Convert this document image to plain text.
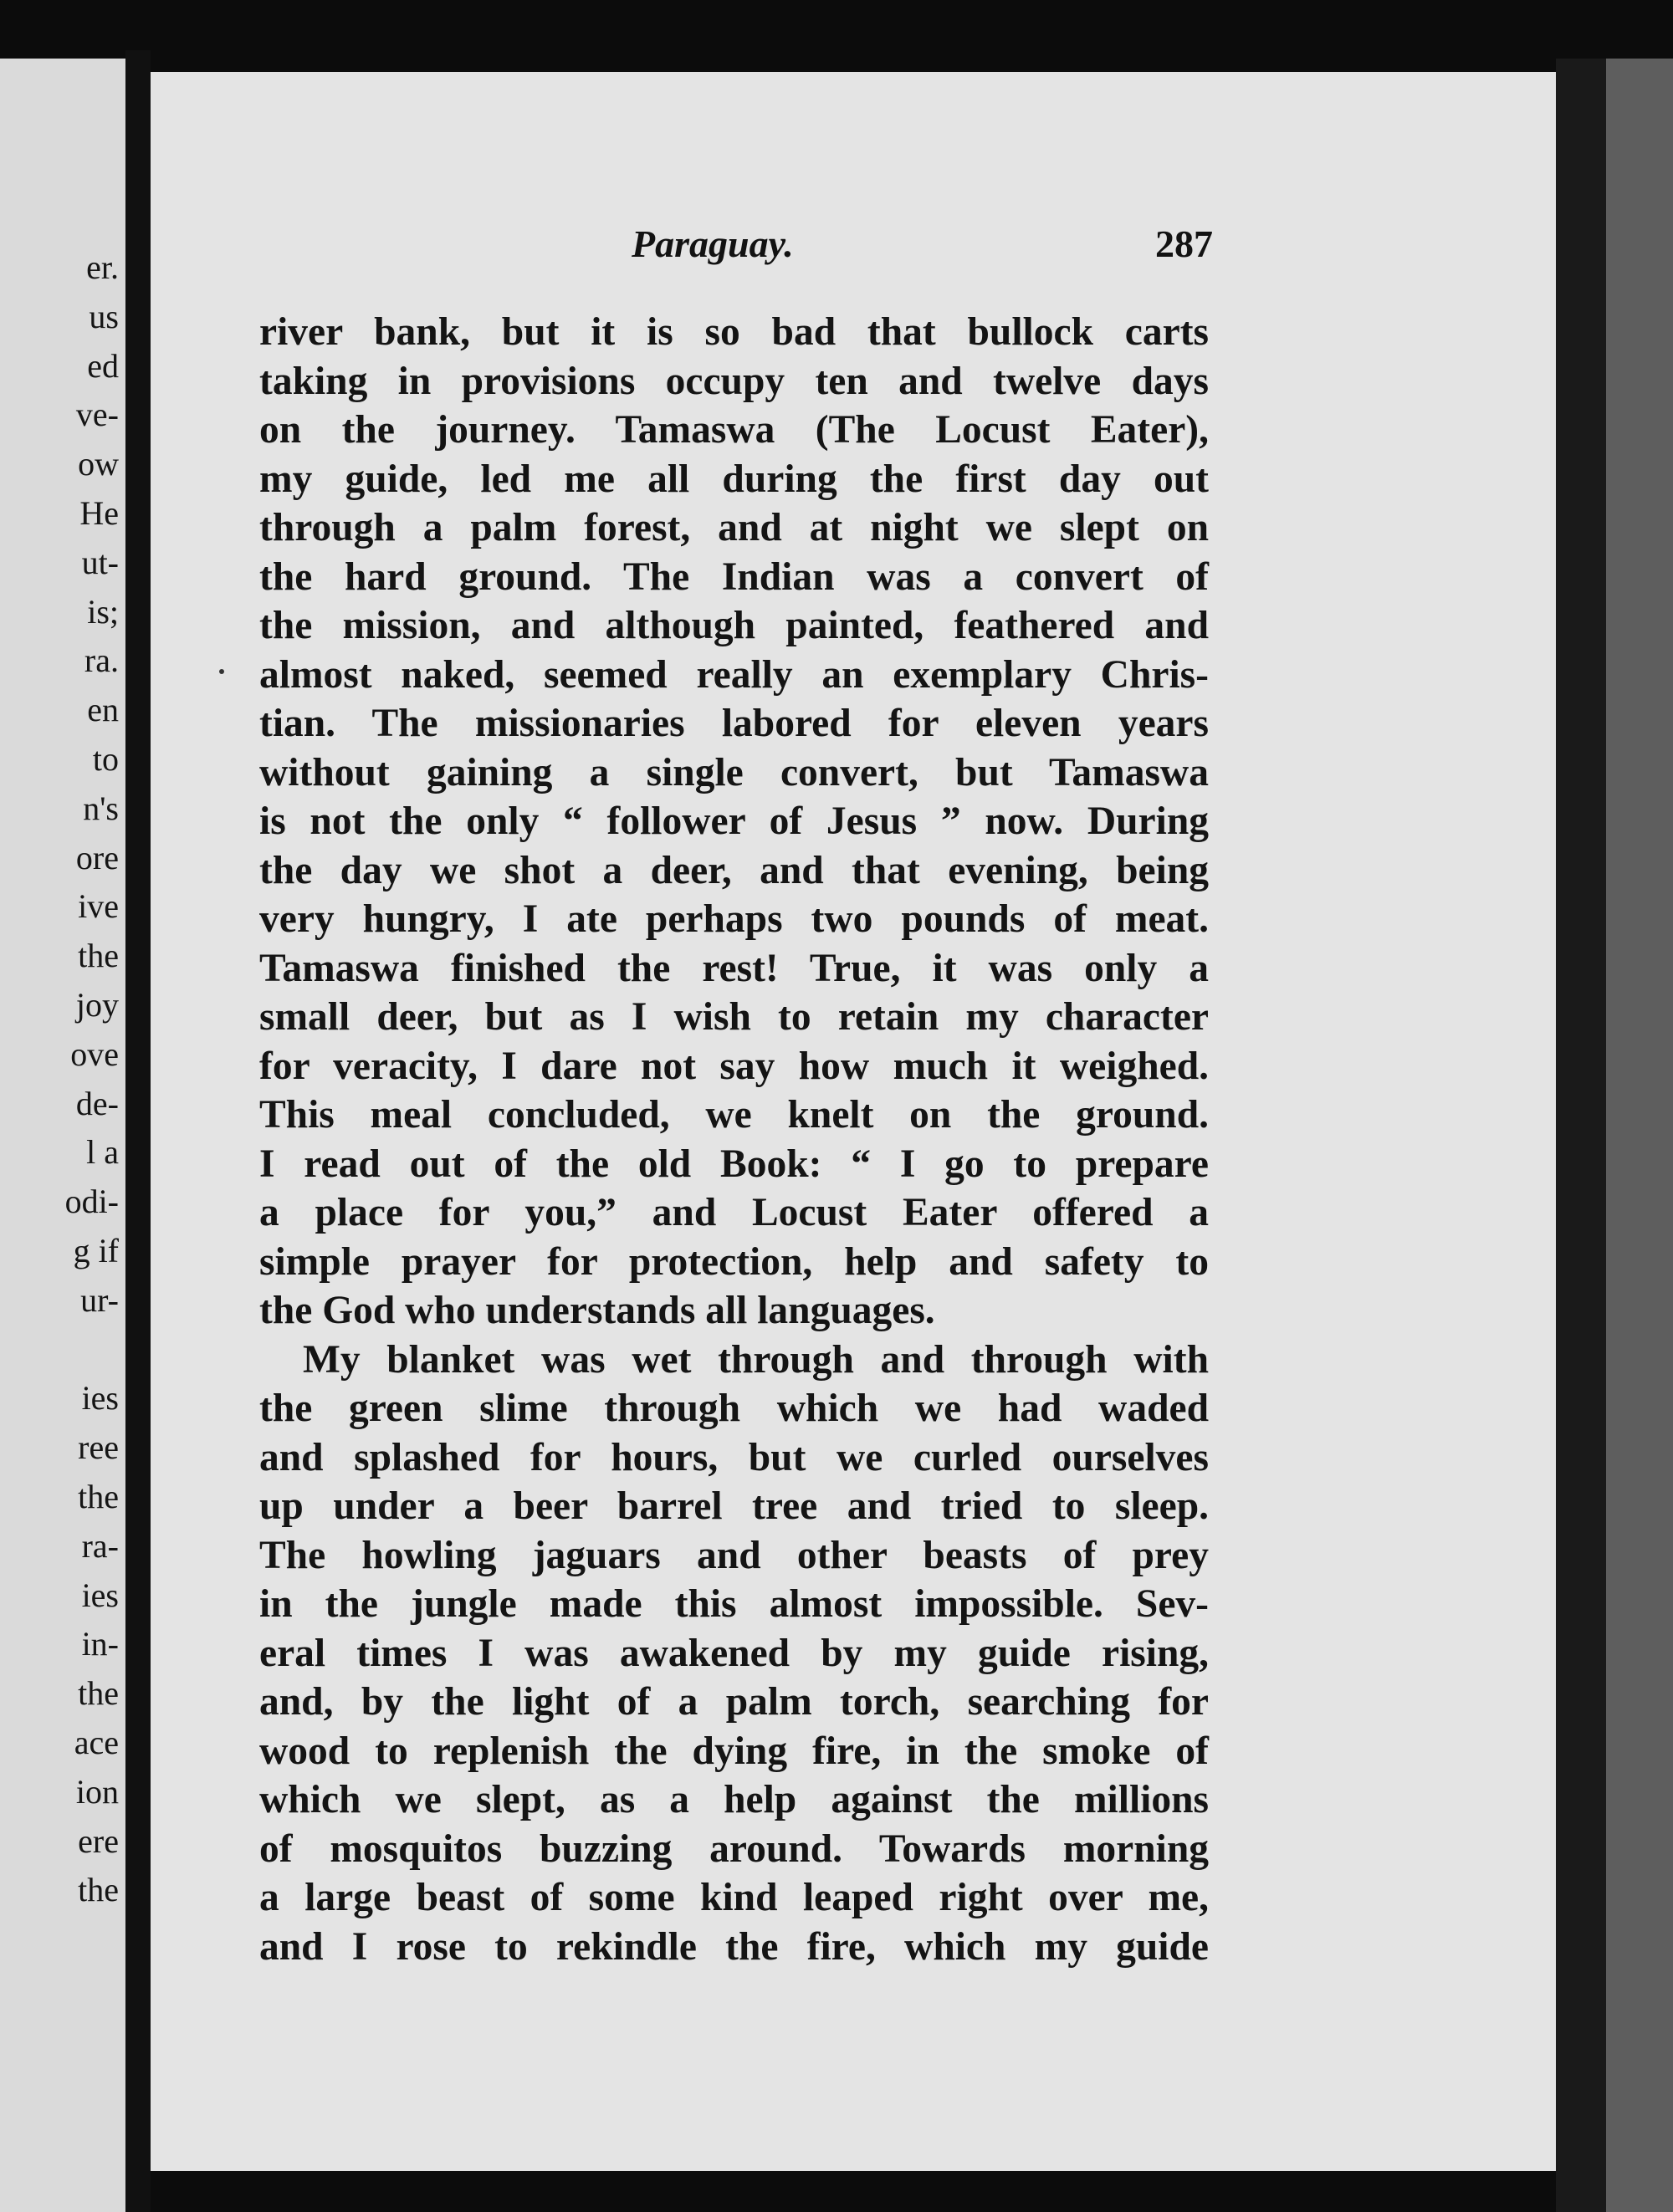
er.
us
ed
ve-
ow
He
ut-
is;
ra.
en
to
n's
ore
ive
the
joy
ove
de-
l a
odi-
g if
ur-
ies
ree
the
ra-
ies
in-
the
ace
ion
ere
the
Paraguay.	287
river bank, but it is so bad that bullock carts
taking in provisions occupy ten and twelve days
on the journey. Tamaswa (The Locust Eater),
my guide, led me all during the first day out
through a palm forest, and at night we slept on
the hard ground. The Indian was a convert of
the mission, and although painted, feathered and
almost naked, seemed really an exemplary Chris-
tian. The missionaries labored for eleven years
without gaining a single convert, but Tamaswa
is not the only “ follower of Jesus ” now. During
the day we shot a deer, and that evening, being
very hungry, I ate perhaps two pounds of meat.
Tamaswa finished the rest! True, it was only a
small deer, but as I wish to retain my character
for veracity, I dare not say how much it weighed.
This meal concluded, we knelt on the ground.
I read out of the old Book: “ I go to prepare
a place for you,” and Locust Eater offered a
simple prayer for protection, help and safety to
the God who understands all languages.
My blanket was wet through and through with
the green slime through which we had waded
and splashed for hours, but we curled ourselves
up under a beer barrel tree and tried to sleep.
The howling jaguars and other beasts of prey
in the jungle made this almost impossible. Sev-
eral times I was awakened by my guide rising,
and, by the light of a palm torch, searching for
wood to replenish the dying fire, in the smoke of
which we slept, as a help against the millions
of mosquitos buzzing around. Towards morning
a large beast of some kind leaped right over me,
and I rose to rekindle the fire, which my guide
